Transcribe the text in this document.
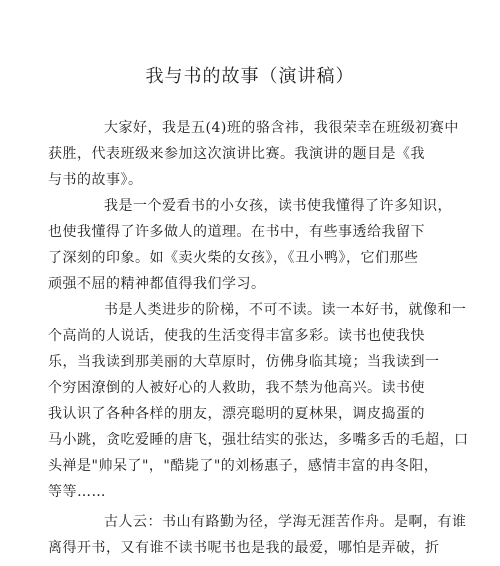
我与书的故事（演讲稿）
大家好，我是五(4)班的骆含祎，我很荣幸在班级初赛中
获胜，代表班级来参加这次演讲比赛。我演讲的题目是《我
与书的故事》。
我是一个爱看书的小女孩，读书使我懂得了许多知识，
也使我懂得了许多做人的道理。在书中，有些事透给我留下
了深刻的印象。如《卖火柴的女孩》，《丑小鸭》，它们那些
顽强不屈的精神都值得我们学习。
书是人类进步的阶梯，不可不读。读一本好书，就像和一
个高尚的人说话，使我的生活变得丰富多彩。读书也使我快
乐，当我读到那美丽的大草原时，仿佛身临其境；当我读到一
个穷困潦倒的人被好心的人救助，我不禁为他高兴。读书使
我认识了各种各样的朋友，漂亮聪明的夏林果，调皮捣蛋的
马小跳，贪吃爱睡的唐飞，强壮结实的张达，多嘴多舌的毛超，口
头禅是"帅呆了"，"酷毙了"的刘杨惠子，感情丰富的冉冬阳，
等等……
古人云：书山有路勤为径，学海无涯苦作舟。是啊，有谁
离得开书，又有谁不读书呢书也是我的最爱，哪怕是弄破，折
